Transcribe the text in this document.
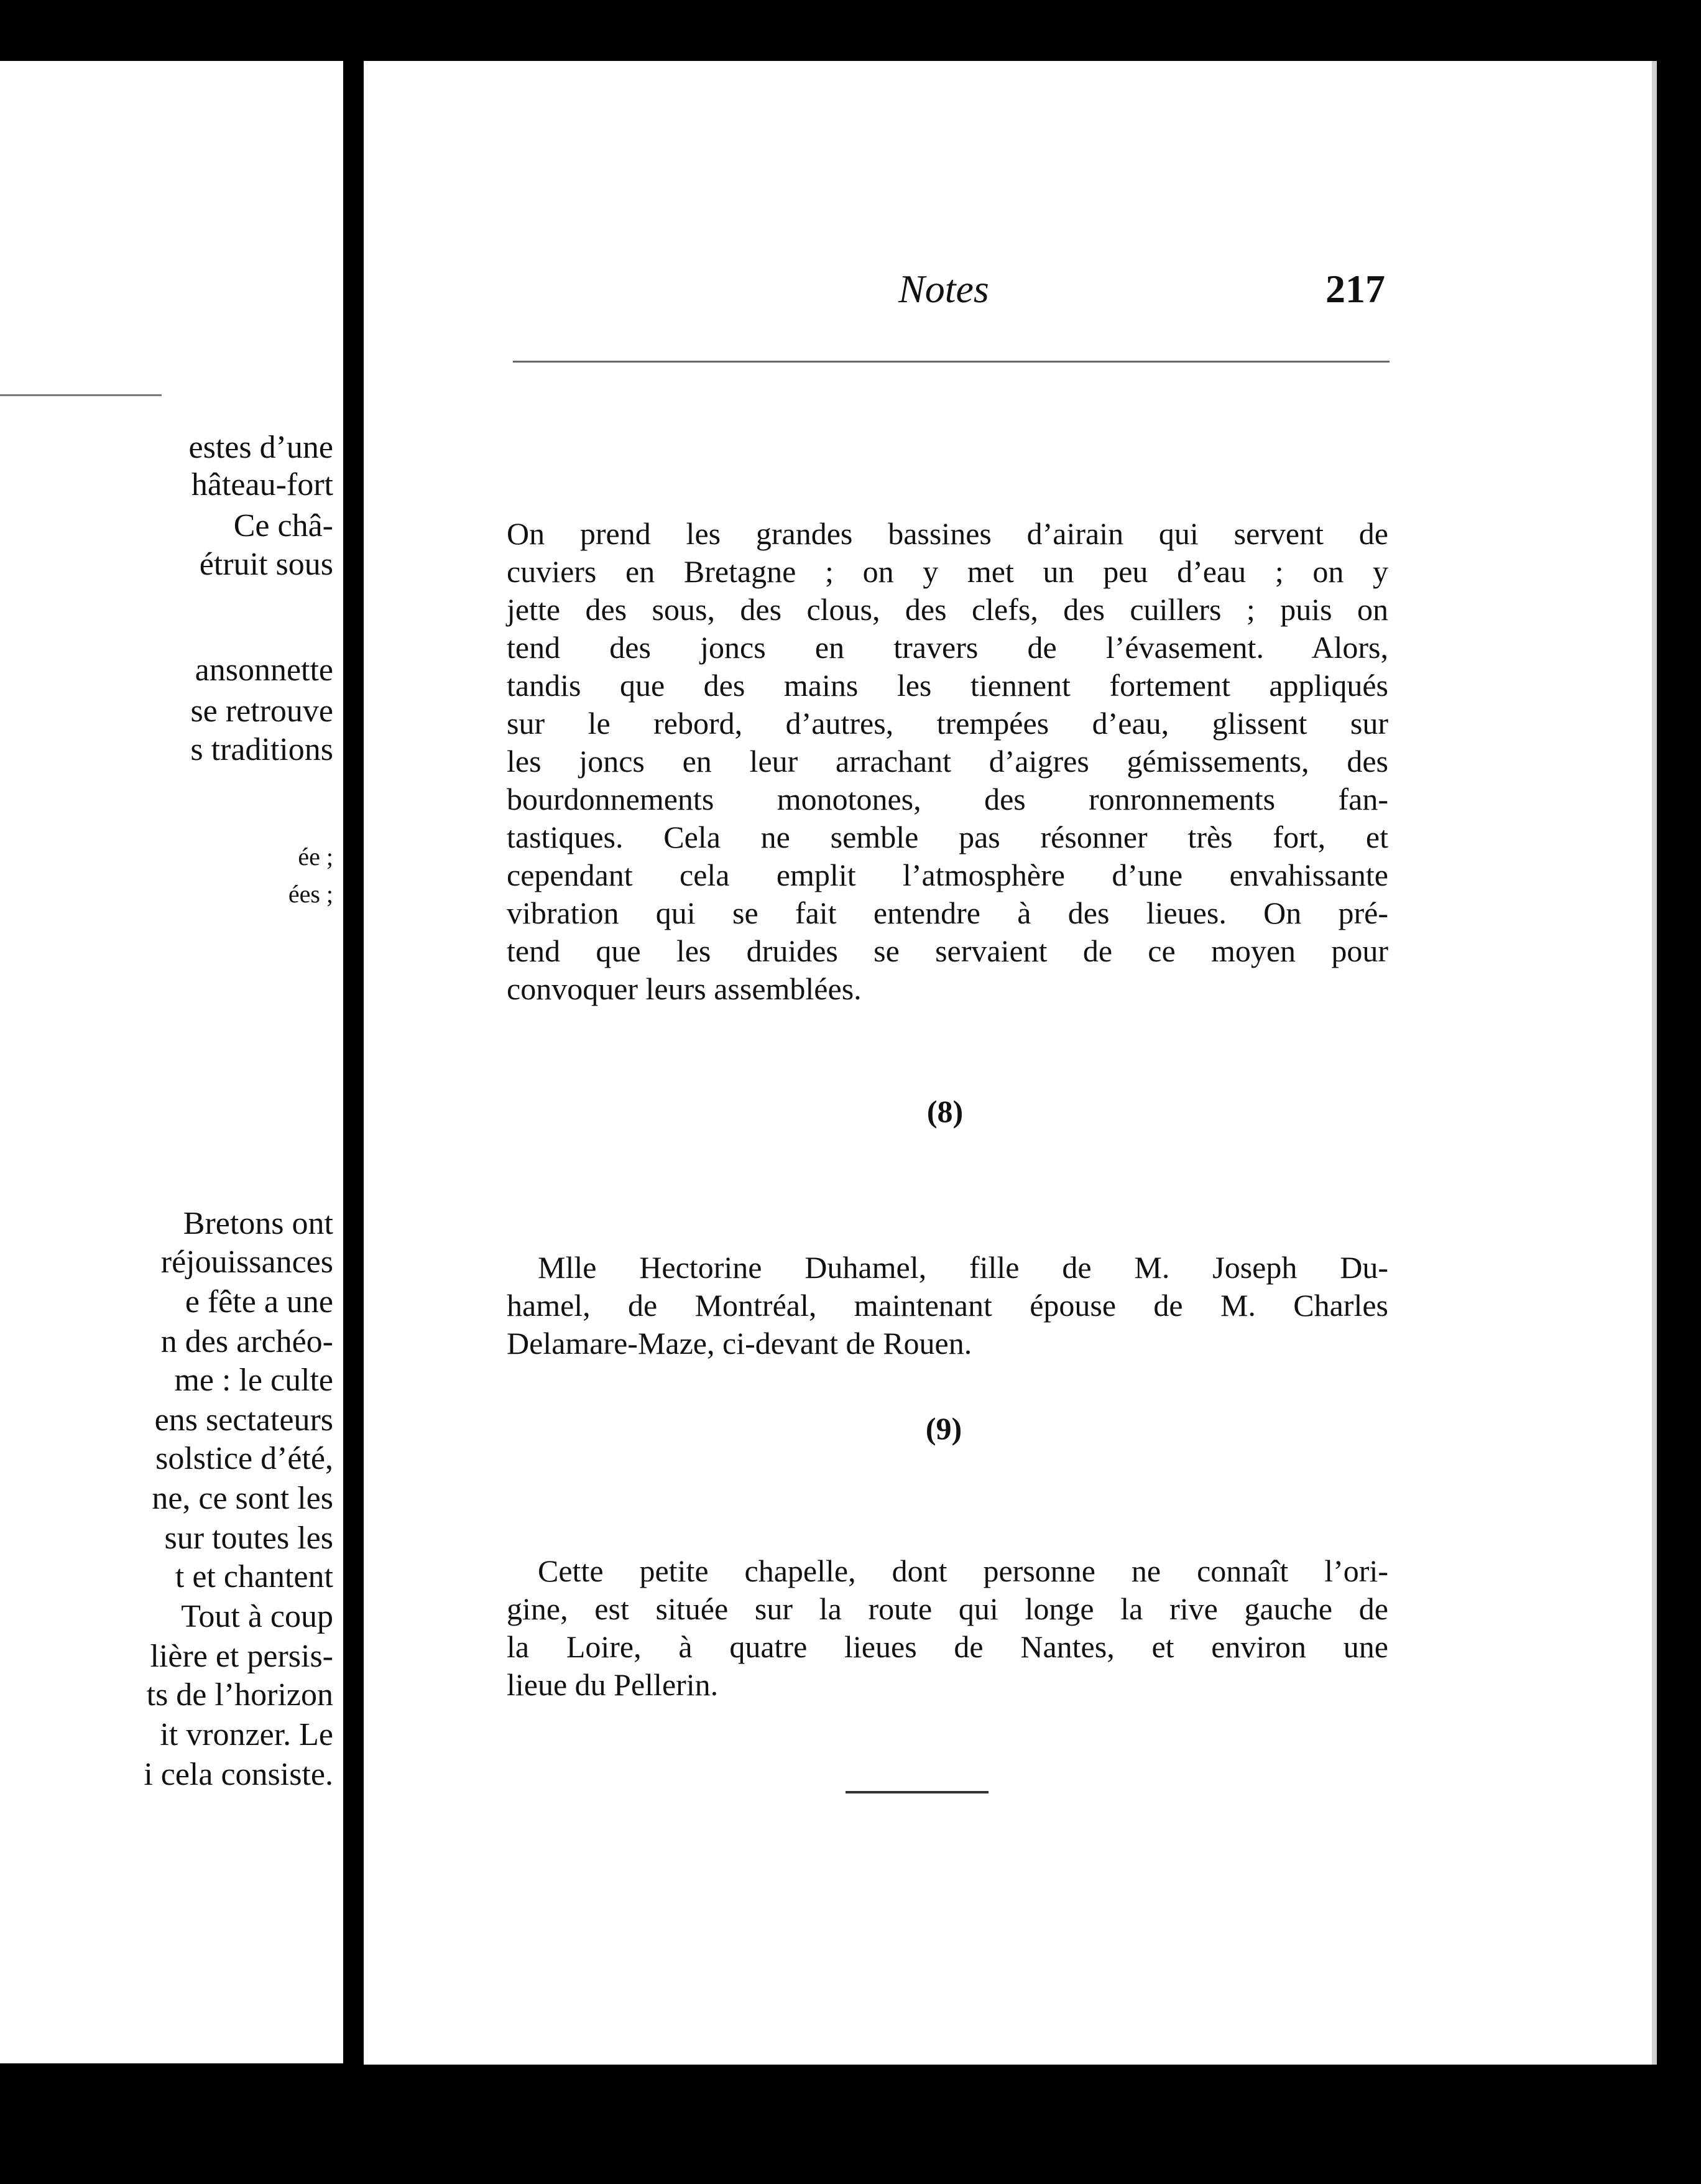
estes d’une
hâteau-fort
Ce châ-
étruit sous
ansonnette
se retrouve
s traditions
ée ;
ées ;
Bretons ont
réjouissances
e fête a une
n des archéo-
me : le culte
ens sectateurs
solstice d’été,
ne, ce sont les
sur toutes les
t et chantent
Tout à coup
lière et persis-
ts de l’horizon
it vronzer. Le
i cela consiste.
Notes	217
On prend les grandes bassines d’airain qui servent de
cuviers en Bretagne ; on y met un peu d’eau ; on y
jette des sous, des clous, des clefs, des cuillers ; puis on
tend des joncs en travers de l’évasement. Alors,
tandis que des mains les tiennent fortement appliqués
sur le rebord, d’autres, trempées d’eau, glissent sur
les joncs en leur arrachant d’aigres gémissements, des
bourdonnements monotones, des ronronnements fan-
tastiques. Cela ne semble pas résonner très fort, et
cependant cela emplit l’atmosphère d’une envahissante
vibration qui se fait entendre à des lieues. On pré-
tend que les druides se servaient de ce moyen pour
convoquer leurs assemblées.
(8)
Mlle Hectorine Duhamel, fille de M. Joseph Du-
hamel, de Montréal, maintenant épouse de M. Charles
Delamare-Maze, ci-devant de Rouen.
(9)
Cette petite chapelle, dont personne ne connaît l’ori-
gine, est située sur la route qui longe la rive gauche de
la Loire, à quatre lieues de Nantes, et environ une
lieue du Pellerin.
